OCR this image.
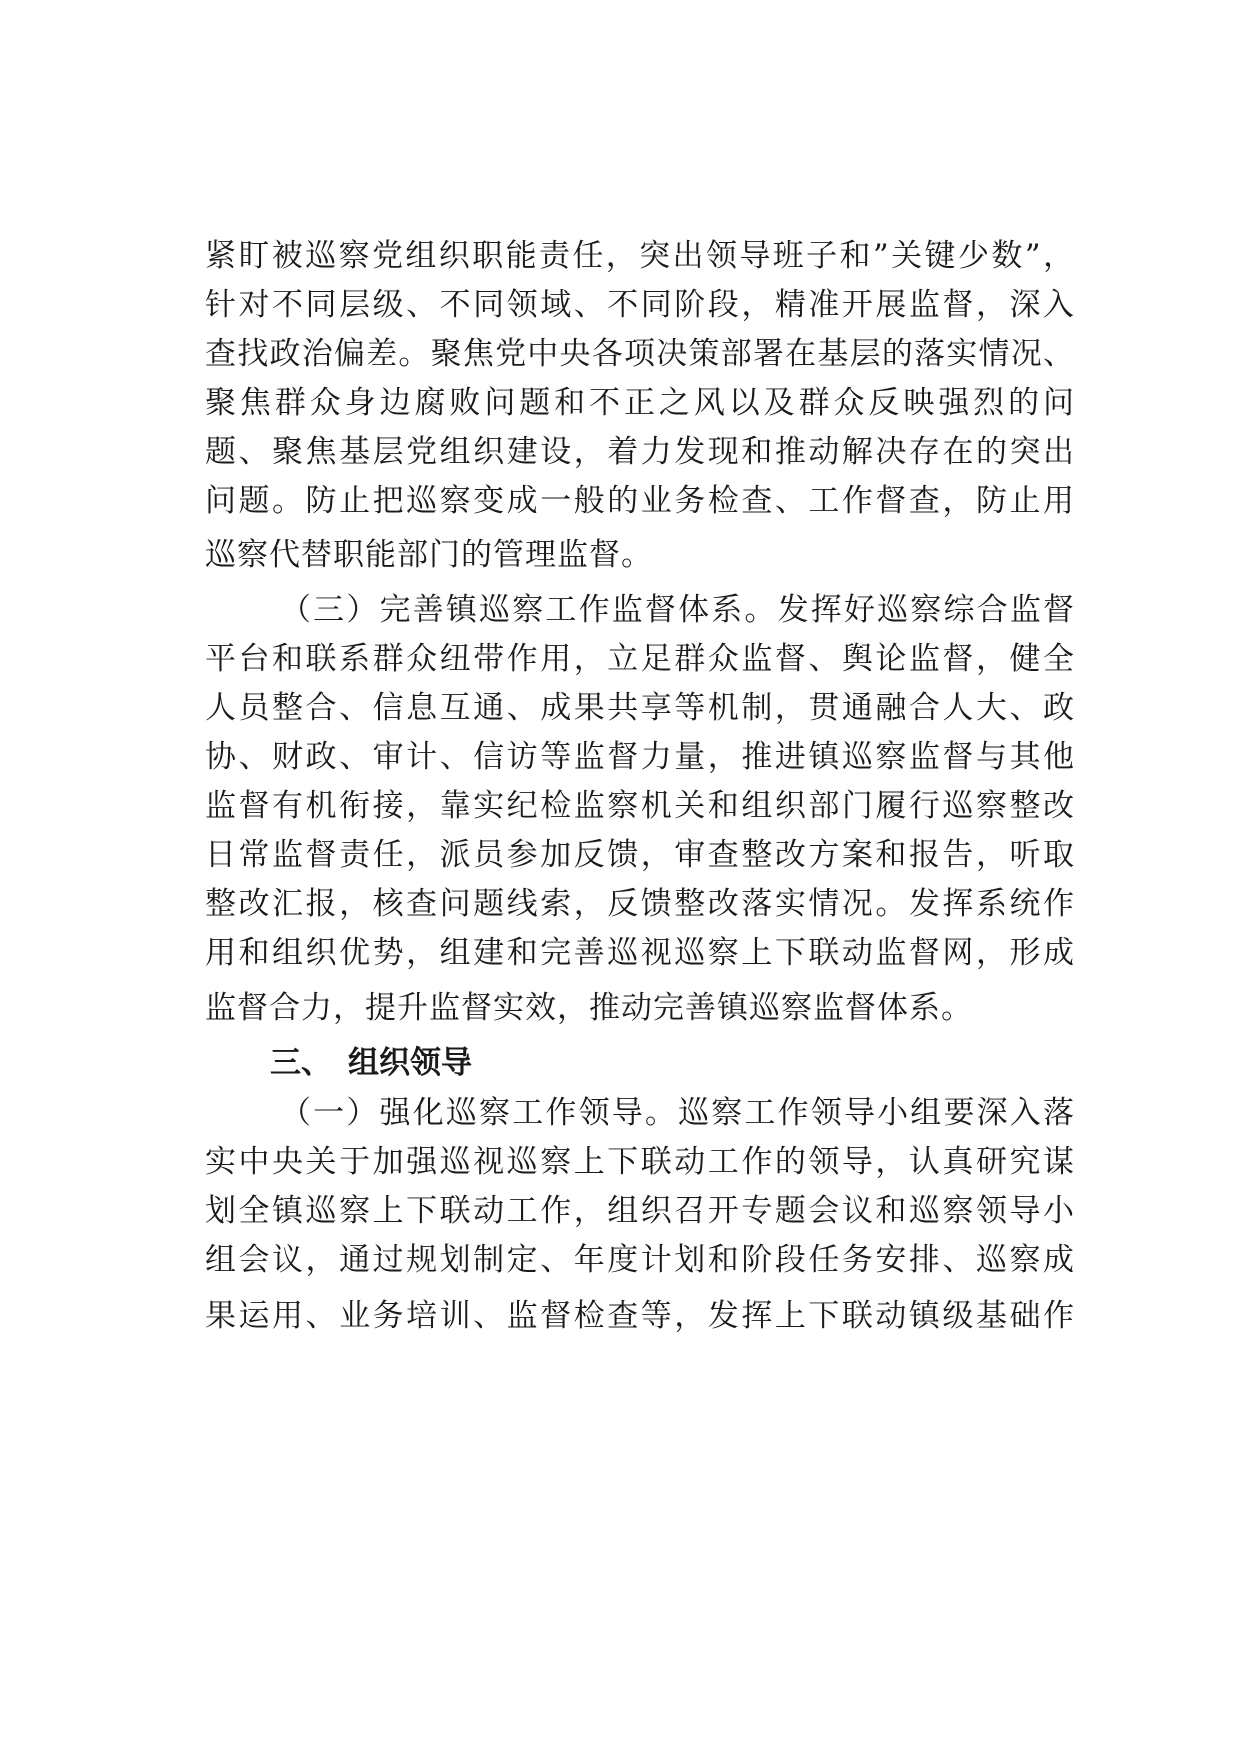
紧盯被巡察党组织职能责任，突出领导班子和”关键少数”，
针对不同层级、不同领域、不同阶段，精准开展监督，深入
查找政治偏差。聚焦党中央各项决策部署在基层的落实情况、
聚焦群众身边腐败问题和不正之风以及群众反映强烈的问
题、聚焦基层党组织建设，着力发现和推动解决存在的突出
问题。防止把巡察变成一般的业务检查、工作督查，防止用
巡察代替职能部门的管理监督。
（三）完善镇巡察工作监督体系。发挥好巡察综合监督
平台和联系群众纽带作用，立足群众监督、舆论监督，健全
人员整合、信息互通、成果共享等机制，贯通融合人大、政
协、财政、审计、信访等监督力量，推进镇巡察监督与其他
监督有机衔接，靠实纪检监察机关和组织部门履行巡察整改
日常监督责任，派员参加反馈，审查整改方案和报告，听取
整改汇报，核查问题线索，反馈整改落实情况。发挥系统作
用和组织优势，组建和完善巡视巡察上下联动监督网，形成
监督合力，提升监督实效，推动完善镇巡察监督体系。
三、 组织领导
（一）强化巡察工作领导。巡察工作领导小组要深入落
实中央关于加强巡视巡察上下联动工作的领导，认真研究谋
划全镇巡察上下联动工作，组织召开专题会议和巡察领导小
组会议，通过规划制定、年度计划和阶段任务安排、巡察成
果运用、业务培训、监督检查等，发挥上下联动镇级基础作
